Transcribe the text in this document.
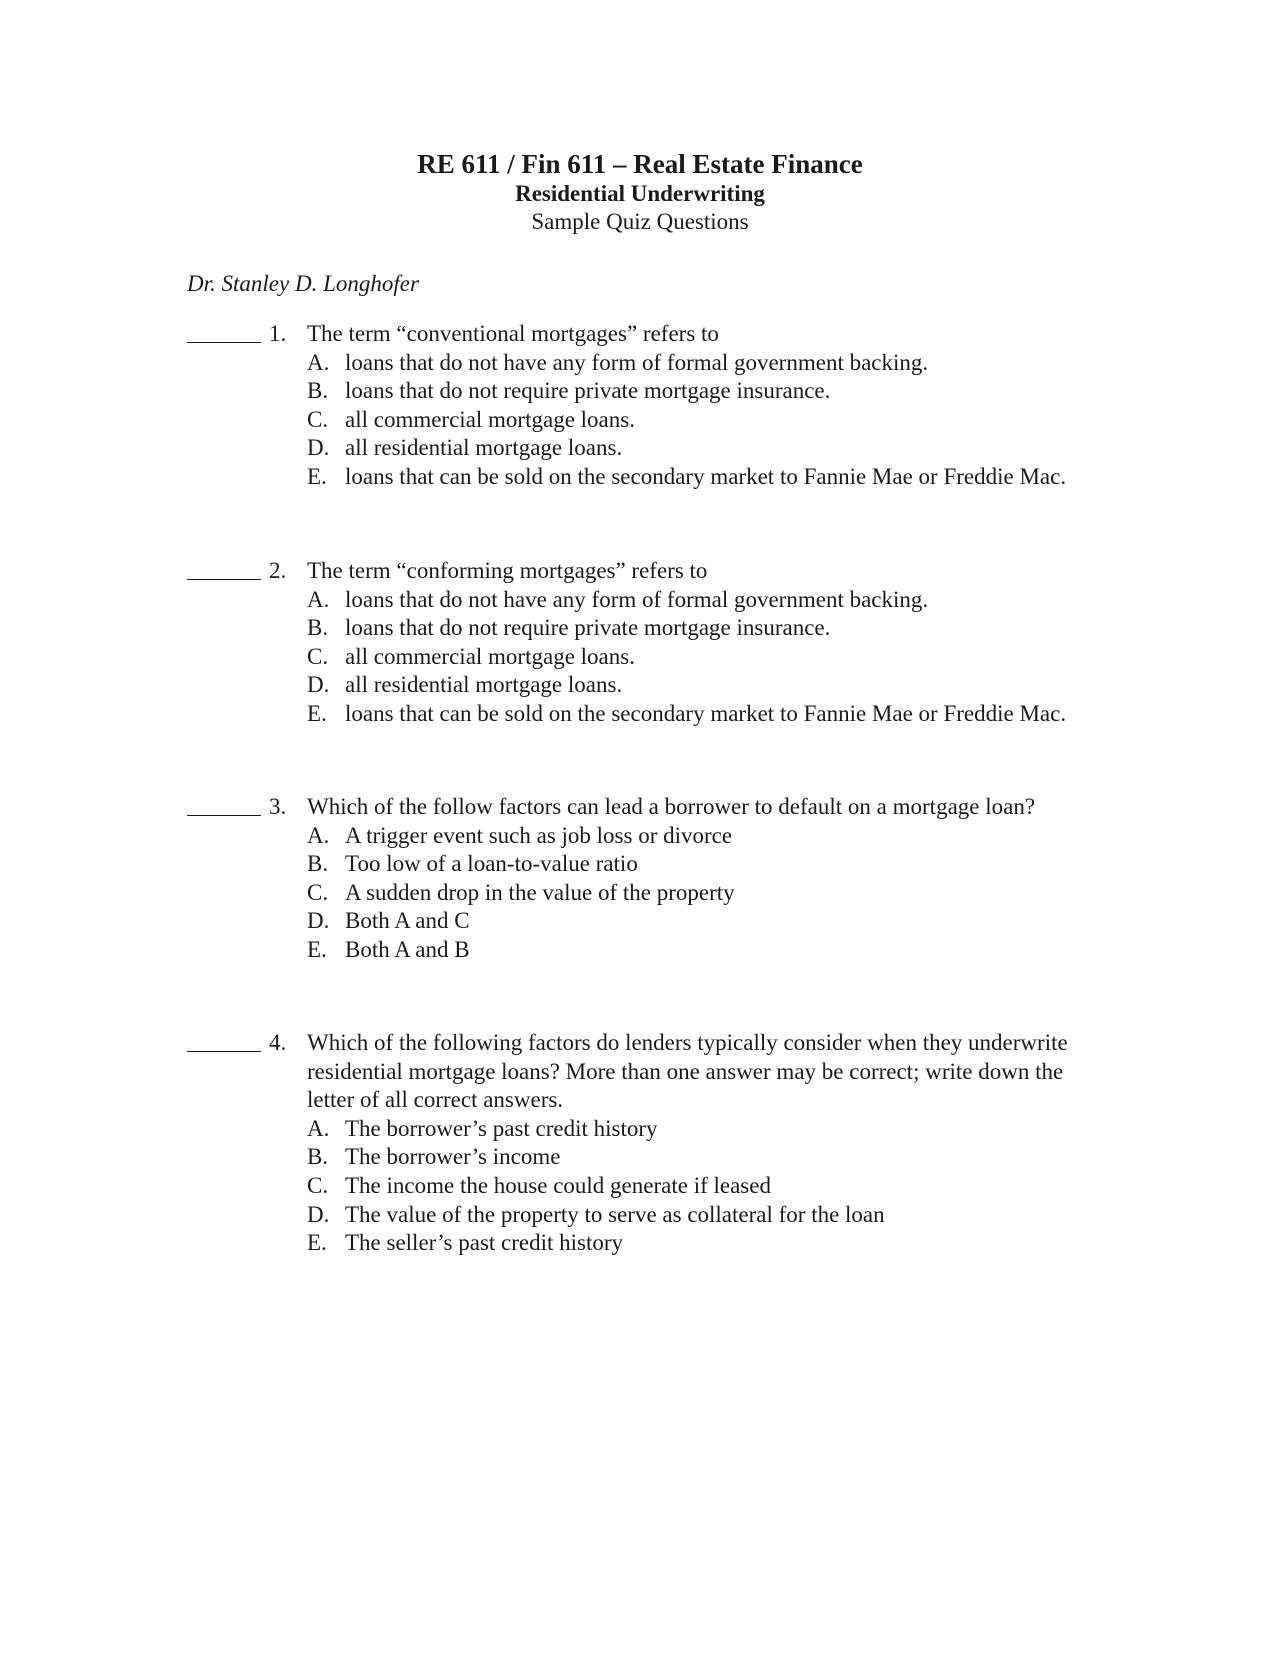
RE 611 / Fin 611 – Real Estate Finance
Residential Underwriting
Sample Quiz Questions
Dr. Stanley D. Longhofer
1. The term “conventional mortgages” refers to
A. loans that do not have any form of formal government backing.
B. loans that do not require private mortgage insurance.
C. all commercial mortgage loans.
D. all residential mortgage loans.
E. loans that can be sold on the secondary market to Fannie Mae or Freddie Mac.
2. The term “conforming mortgages” refers to
A. loans that do not have any form of formal government backing.
B. loans that do not require private mortgage insurance.
C. all commercial mortgage loans.
D. all residential mortgage loans.
E. loans that can be sold on the secondary market to Fannie Mae or Freddie Mac.
3. Which of the follow factors can lead a borrower to default on a mortgage loan?
A. A trigger event such as job loss or divorce
B. Too low of a loan-to-value ratio
C. A sudden drop in the value of the property
D. Both A and C
E. Both A and B
4. Which of the following factors do lenders typically consider when they underwrite residential mortgage loans? More than one answer may be correct; write down the letter of all correct answers.
A. The borrower’s past credit history
B. The borrower’s income
C. The income the house could generate if leased
D. The value of the property to serve as collateral for the loan
E. The seller’s past credit history
